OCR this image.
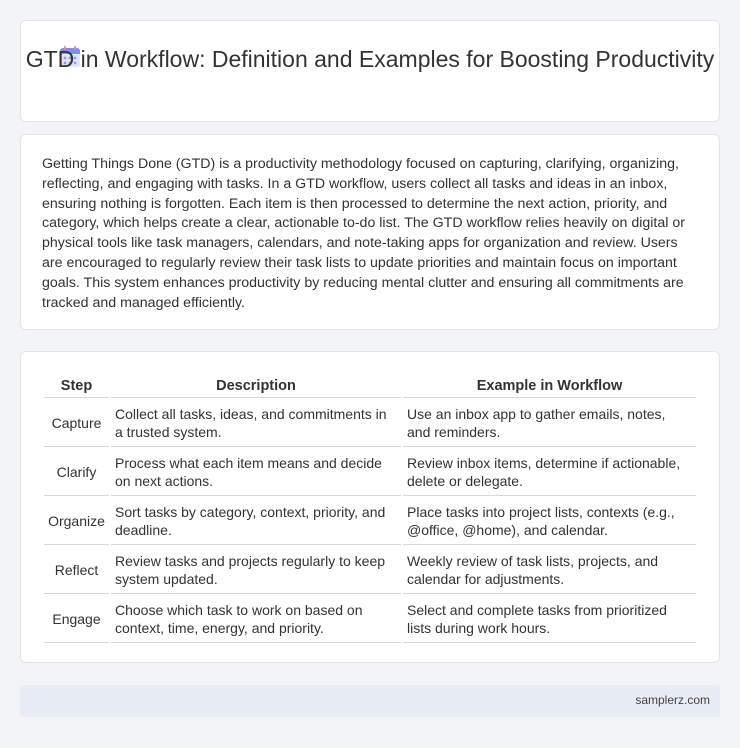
GTD in Workflow: Definition and Examples for Boosting Productivity

Getting Things Done (GTD) is a productivity methodology focused on capturing, clarifying, organizing, reflecting, and engaging with tasks. In a GTD workflow, users collect all tasks and ideas in an inbox, ensuring nothing is forgotten. Each item is then processed to determine the next action, priority, and category, which helps create a clear, actionable to-do list. The GTD workflow relies heavily on digital or physical tools like task managers, calendars, and note-taking apps for organization and review. Users are encouraged to regularly review their task lists to update priorities and maintain focus on important goals. This system enhances productivity by reducing mental clutter and ensuring all commitments are tracked and managed efficiently.

Step	Description	Example in Workflow
Capture	Collect all tasks, ideas, and commitments in a trusted system.	Use an inbox app to gather emails, notes, and reminders.
Clarify	Process what each item means and decide on next actions.	Review inbox items, determine if actionable, delete or delegate.
Organize	Sort tasks by category, context, priority, and deadline.	Place tasks into project lists, contexts (e.g., @office, @home), and calendar.
Reflect	Review tasks and projects regularly to keep system updated.	Weekly review of task lists, projects, and calendar for adjustments.
Engage	Choose which task to work on based on context, time, energy, and priority.	Select and complete tasks from prioritized lists during work hours.
samplerz.com
